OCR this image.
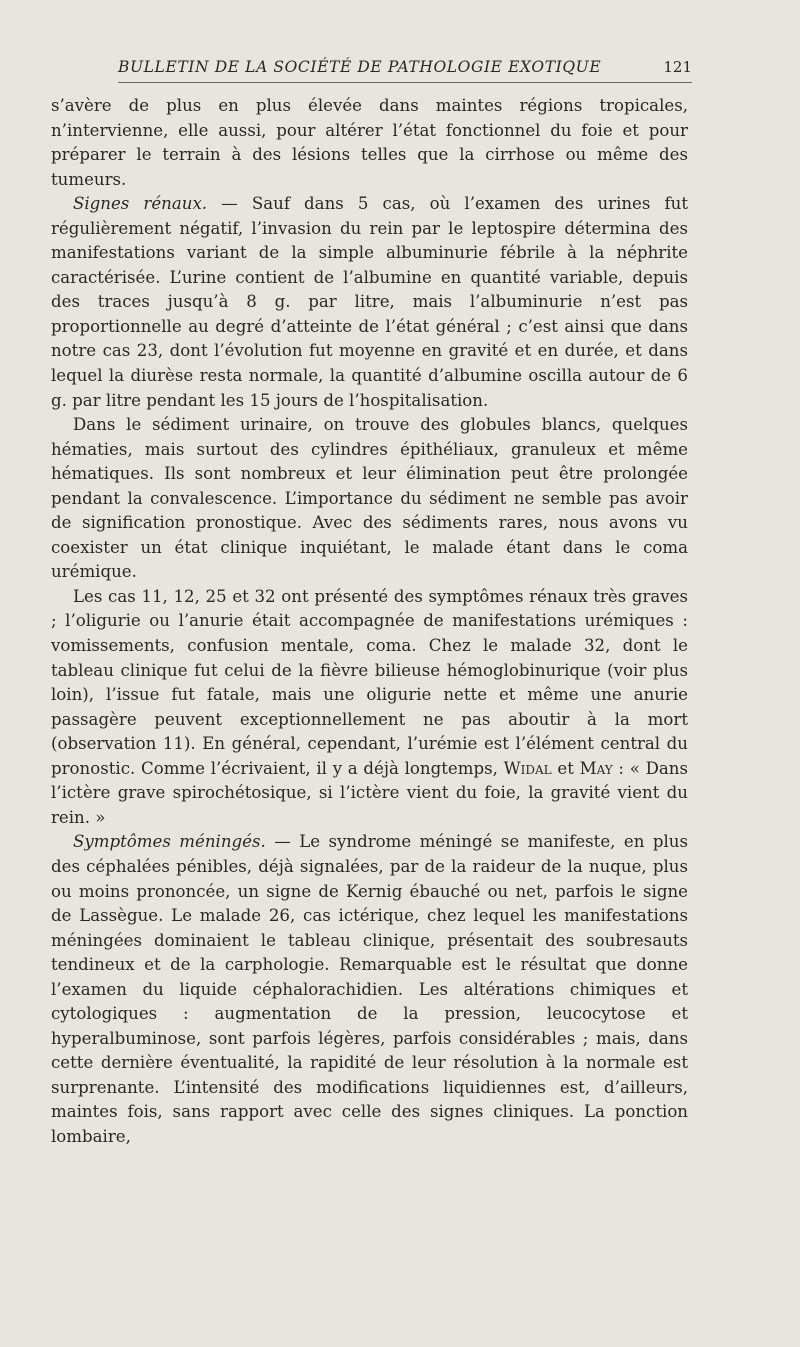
BULLETIN DE LA SOCIÉTÉ DE PATHOLOGIE EXOTIQUE	121

s’avère de plus en plus élevée dans maintes régions tropicales, n’intervienne, elle aussi, pour altérer l’état fonctionnel du foie et pour préparer le terrain à des lésions telles que la cirrhose ou même des tumeurs.

Signes rénaux. — Sauf dans 5 cas, où l’examen des urines fut régulièrement négatif, l’invasion du rein par le leptospire détermina des manifestations variant de la simple albuminurie fébrile à la néphrite caractérisée. L’urine contient de l’albumine en quantité variable, depuis des traces jusqu’à 8 g. par litre, mais l’albuminurie n’est pas proportionnelle au degré d’atteinte de l’état général ; c’est ainsi que dans notre cas 23, dont l’évolution fut moyenne en gravité et en durée, et dans lequel la diurèse resta normale, la quantité d’albumine oscilla autour de 6 g. par litre pendant les 15 jours de l’hospitalisation.

Dans le sédiment urinaire, on trouve des globules blancs, quelques hématies, mais surtout des cylindres épithéliaux, granuleux et même hématiques. Ils sont nombreux et leur élimination peut être prolongée pendant la convalescence. L’importance du sédiment ne semble pas avoir de signification pronostique. Avec des sédiments rares, nous avons vu coexister un état clinique inquiétant, le malade étant dans le coma urémique.

Les cas 11, 12, 25 et 32 ont présenté des symptômes rénaux très graves ; l’oligurie ou l’anurie était accompagnée de manifestations urémiques : vomissements, confusion mentale, coma. Chez le malade 32, dont le tableau clinique fut celui de la fièvre bilieuse hémoglobinurique (voir plus loin), l’issue fut fatale, mais une oligurie nette et même une anurie passagère peuvent exceptionnellement ne pas aboutir à la mort (observation 11). En général, cependant, l’urémie est l’élément central du pronostic. Comme l’écrivaient, il y a déjà longtemps, Widal et May : « Dans l’ictère grave spirochétosique, si l’ictère vient du foie, la gravité vient du rein. »

Symptômes méningés. — Le syndrome méningé se manifeste, en plus des céphalées pénibles, déjà signalées, par de la raideur de la nuque, plus ou moins prononcée, un signe de Kernig ébauché ou net, parfois le signe de Lassègue. Le malade 26, cas ictérique, chez lequel les manifestations méningées dominaient le tableau clinique, présentait des soubresauts tendineux et de la carphologie. Remarquable est le résultat que donne l’examen du liquide céphalorachidien. Les altérations chimiques et cytologiques : augmentation de la pression, leucocytose et hyperalbuminose, sont parfois légères, parfois considérables ; mais, dans cette dernière éventualité, la rapidité de leur résolution à la normale est surprenante. L’intensité des modifications liquidiennes est, d’ailleurs, maintes fois, sans rapport avec celle des signes cliniques. La ponction lombaire,
